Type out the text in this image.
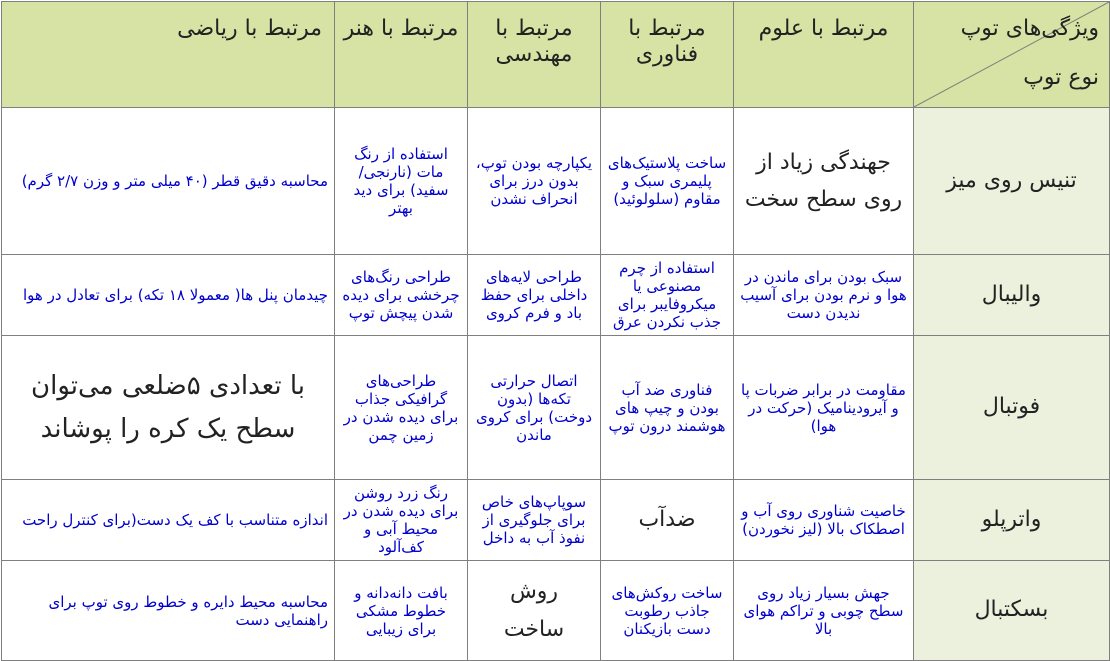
ویژگی‌های توپ
نوع توپ	مرتبط با علوم	مرتبط با فناوری	مرتبط با مهندسی	مرتبط با هنر	مرتبط با ریاضی
تنیس روی میز	جهندگی زیاد از روی سطح سخت	ساخت پلاستیک‌های پلیمری سبک و مقاوم (سلولوئید)	یکپارچه بودن توپ، بدون درز برای انحراف نشدن	استفاده از رنگ مات (نارنجی/سفید) برای دید بهتر	محاسبه دقیق قطر (۴۰ میلی متر و وزن ۲/۷ گرم)
والیبال	سبک بودن برای ماندن در هوا و نرم بودن برای آسیب ندیدن دست	استفاده از چرم مصنوعی یا میکروفایبر برای جذب نکردن عرق	طراحی لایه‌های داخلی برای حفظ باد و فرم کروی	طراحی رنگ‌های چرخشی برای دیده شدن پیچش توپ	چیدمان پنل ها( معمولا ۱۸ تکه) برای تعادل در هوا
فوتبال	مقاومت در برابر ضربات پا و آیرودینامیک (حرکت در هوا)	فناوری ضد آب بودن و چیپ های هوشمند درون توپ	اتصال حرارتی تکه‌ها (بدون دوخت) برای کروی ماندن	طراحی‌های گرافیکی جذاب برای دیده شدن در زمین چمن	با تعدادی ۵ضلعی می‌توان سطح یک کره را پوشاند
واترپلو	خاصیت شناوری روی آب و اصطکاک بالا (لیز نخوردن)	ضدآب	سوپاپ‌های خاص برای جلوگیری از نفوذ آب به داخل	رنگ زرد روشن برای دیده شدن در محیط آبی و کف‌آلود	اندازه متناسب با کف یک دست(برای کنترل راحت
بسکتبال	جهش بسیار زیاد روی سطح چوبی و تراکم هوای بالا	ساخت روکش‌های جاذب رطوبت دست بازیکنان	روش ساخت	بافت دانه‌دانه و خطوط مشکی برای زیبایی	محاسبه محیط دایره و خطوط روی توپ برای راهنمایی دست
